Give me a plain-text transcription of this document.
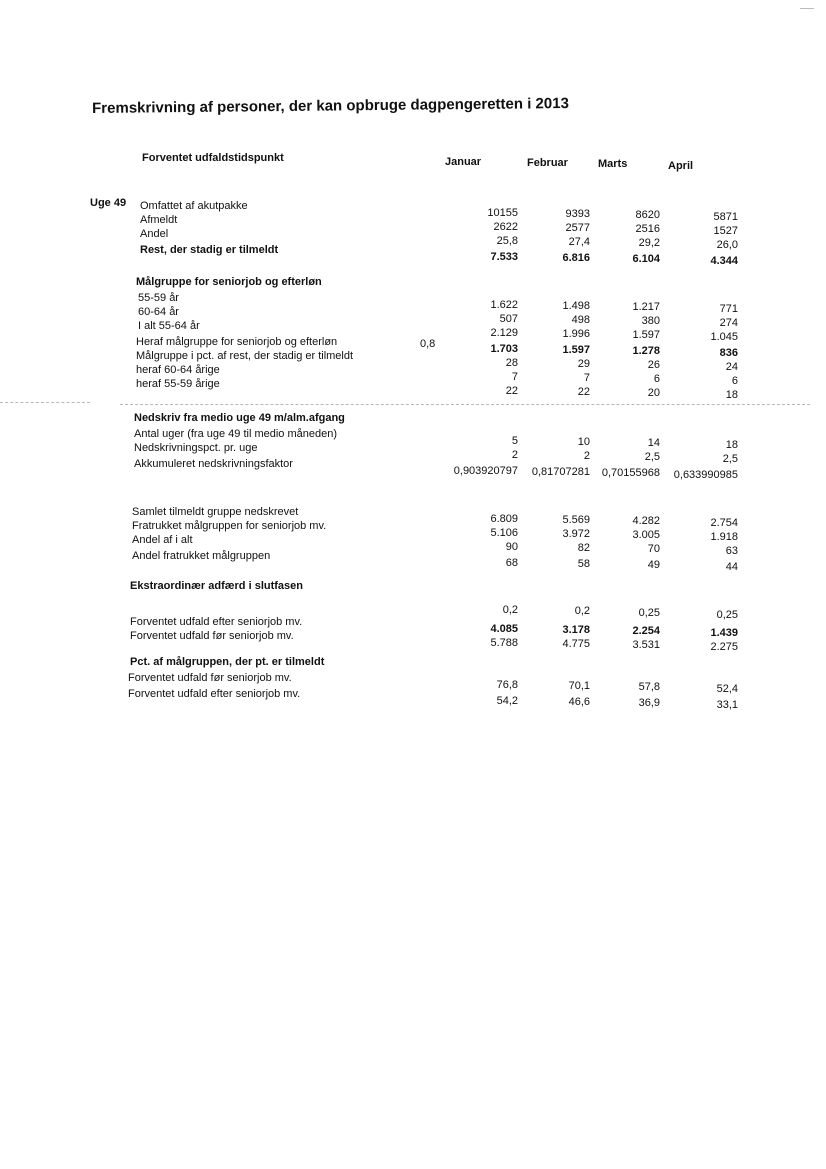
Fremskrivning af personer, der kan opbruge dagpengeretten i 2013
Forventet udfaldstidspunkt	Januar	Februar	Marts	April
Uge 49 Omfattet af akutpakke
10155	9393	8620	5871
Afmeldt
2622	2577	2516	1527
Andel
25,8	27,4	29,2	26,0
Rest, der stadig er tilmeldt
7.533	6.816	6.104	4.344
Målgruppe for seniorjob og efterløn
55-59 år
1.622	1.498	1.217	771
60-64 år
507	498	380	274
I alt 55-64 år
2.129	1.996	1.597	1.045
Heraf målgruppe for seniorjob og efterløn	0,8	1.703	1.597	1.278	836
Målgruppe i pct. af rest, der stadig er tilmeldt
28	29	26	24
heraf 60-64 årige
7	7	6	6
heraf 55-59 årige
22	22	20	18
Nedskriv fra medio uge 49 m/alm.afgang
Antal uger (fra uge 49 til medio måneden)
5	10	14	18
Nedskrivningspct. pr. uge
2	2	2,5	2,5
Akkumuleret nedskrivningsfaktor
0,903920797 0,81707281 0,70155968	0,633990985
Samlet tilmeldt gruppe nedskrevet
6.809	5.569	4.282	2.754
Fratrukket målgruppen for seniorjob mv.
5.106	3.972	3.005	1.918
Andel af i alt
90	82	70	63
Andel fratrukket målgruppen
68	58	49	44
Ekstraordinær adfærd i slutfasen
0,2	0,2	0,25	0,25
Forventet udfald efter seniorjob mv.
4.085	3.178	2.254	1.439
Forventet udfald før seniorjob mv.
5.788	4.775	3.531	2.275
Pct. af målgruppen, der pt. er tilmeldt
Forventet udfald før seniorjob mv.
76,8	70,1	57,8	52,4
Forventet udfald efter seniorjob mv.
54,2	46,6	36,9	33,1
